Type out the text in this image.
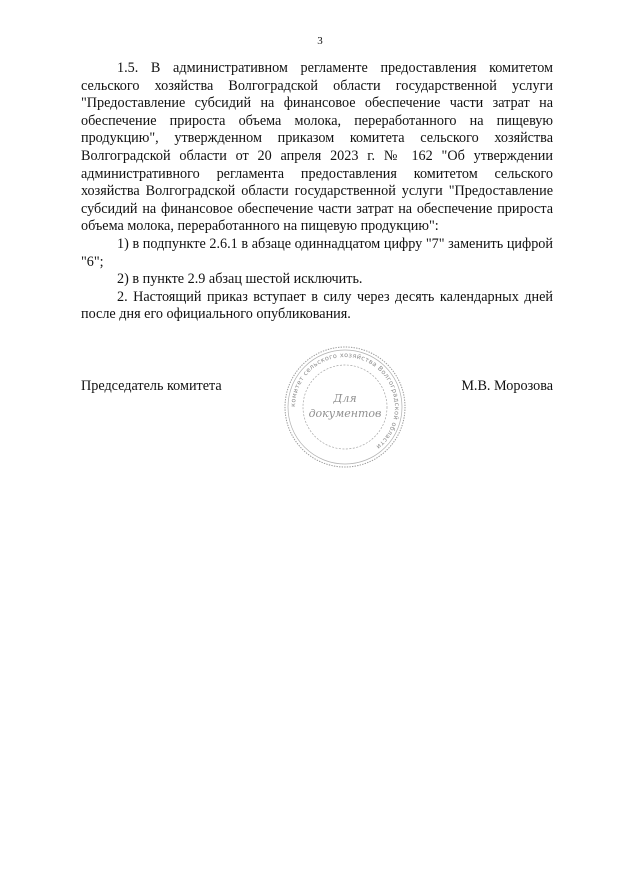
3

1.5. В административном регламенте предоставления комитетом сельского хозяйства Волгоградской области государственной услуги "Предоставление субсидий на финансовое обеспечение части затрат на обеспечение прироста объема молока, переработанного на пищевую продукцию", утвержденном приказом комитета сельского хозяйства Волгоградской области от 20 апреля 2023 г. № 162 "Об утверждении административного регламента предоставления комитетом сельского хозяйства Волгоградской области государственной услуги "Предоставление субсидий на финансовое обеспечение части затрат на обеспечение прироста объема молока, переработанного на пищевую продукцию":

1) в подпункте 2.6.1 в абзаце одиннадцатом цифру "7" заменить цифрой "6";

2) в пункте 2.9 абзац шестой исключить.

2. Настоящий приказ вступает в силу через десять календарных дней после дня его официального опубликования.

Председатель комитета	М.В. Морозова
комитет сельского хозяйства Волгоградской области
Для
документов
